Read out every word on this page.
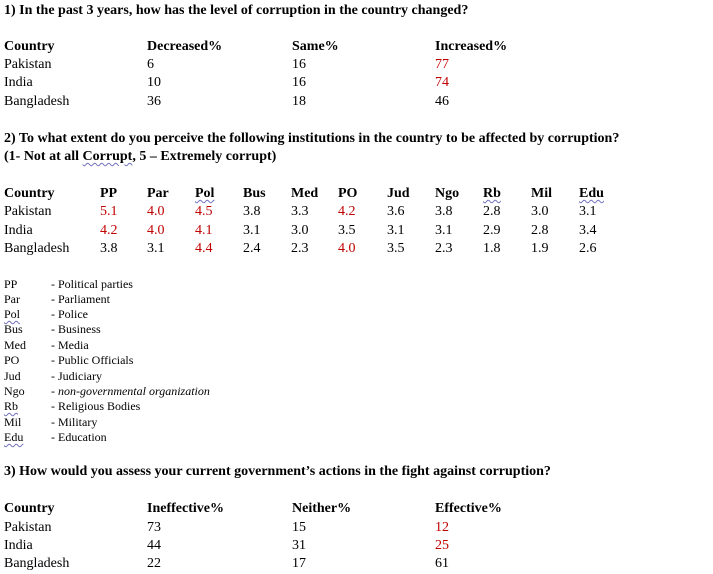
1) In the past 3 years, how has the level of corruption in the country changed?
Country	Decreased%	Same%	Increased%
Pakistan	6	16	77
India	10	16	74
Bangladesh	36	18	46
2) To what extent do you perceive the following institutions in the country to be affected by corruption?
(1- Not at all Corrupt, 5 – Extremely corrupt)
Country	PP Par Pol Bus Med PO Jud Ngo Rb Mil Edu
Pakistan	5.1 4.0 4.5 3.8 3.3 4.2 3.6 3.8 2.8 3.0 3.1
India	4.2 4.0 4.1 3.1 3.0 3.5 3.1 3.1 2.9 2.8 3.4
Bangladesh 3.8 3.1 4.4 2.4 2.3 4.0 3.5 2.3 1.8 1.9 2.6
PP	- Political parties
Par	- Parliament
Pol	- Police
Bus - Business
Med - Media
PO	- Public Officials
Jud	- Judiciary
Ngo - non-governmental organization
Rb	- Religious Bodies
Mil - Military
Edu - Education
3) How would you assess your current government’s actions in the fight against corruption?
Country	Ineffective%	Neither%	Effective%
Pakistan	73	15	12
India	44	31	25
Bangladesh	22	17	61
